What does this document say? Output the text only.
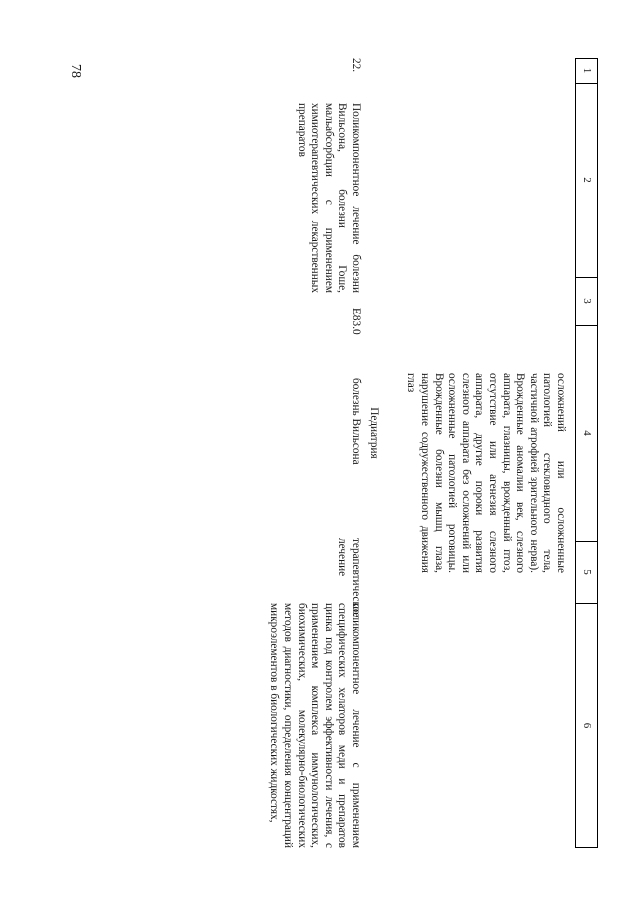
78	1
2
3
4
5
6
осложнений или осложненные патологией стекловидного тела, частичной атрофией зрительного нерва). Врожденные аномалии век, слезного аппарата, глазницы, врожденный птоз, отсутствие или агенезия слезного аппарата, другие пороки развития слезного аппарата без осложнений или осложненные патологией роговицы. Врожденные болезни мышц глаза, нарушение содружественного движения глаз
Педиатрия
22.
Поликомпонентное лечение болезни Вильсона, болезни Гоше, мальабсорбции с применением химиотерапевтических лекарственных препаратов
E83.0
болезнь Вильсона
терапевтическое лечение
поликомпонентное лечение с применением специфических хелаторов меди и препаратов цинка под контролем эффективности лечения, с применением комплекса иммунологических, биохимических, молекулярно-биологических методов диагностики, определения концентраций микроэлементов в биологических жидкостях,
